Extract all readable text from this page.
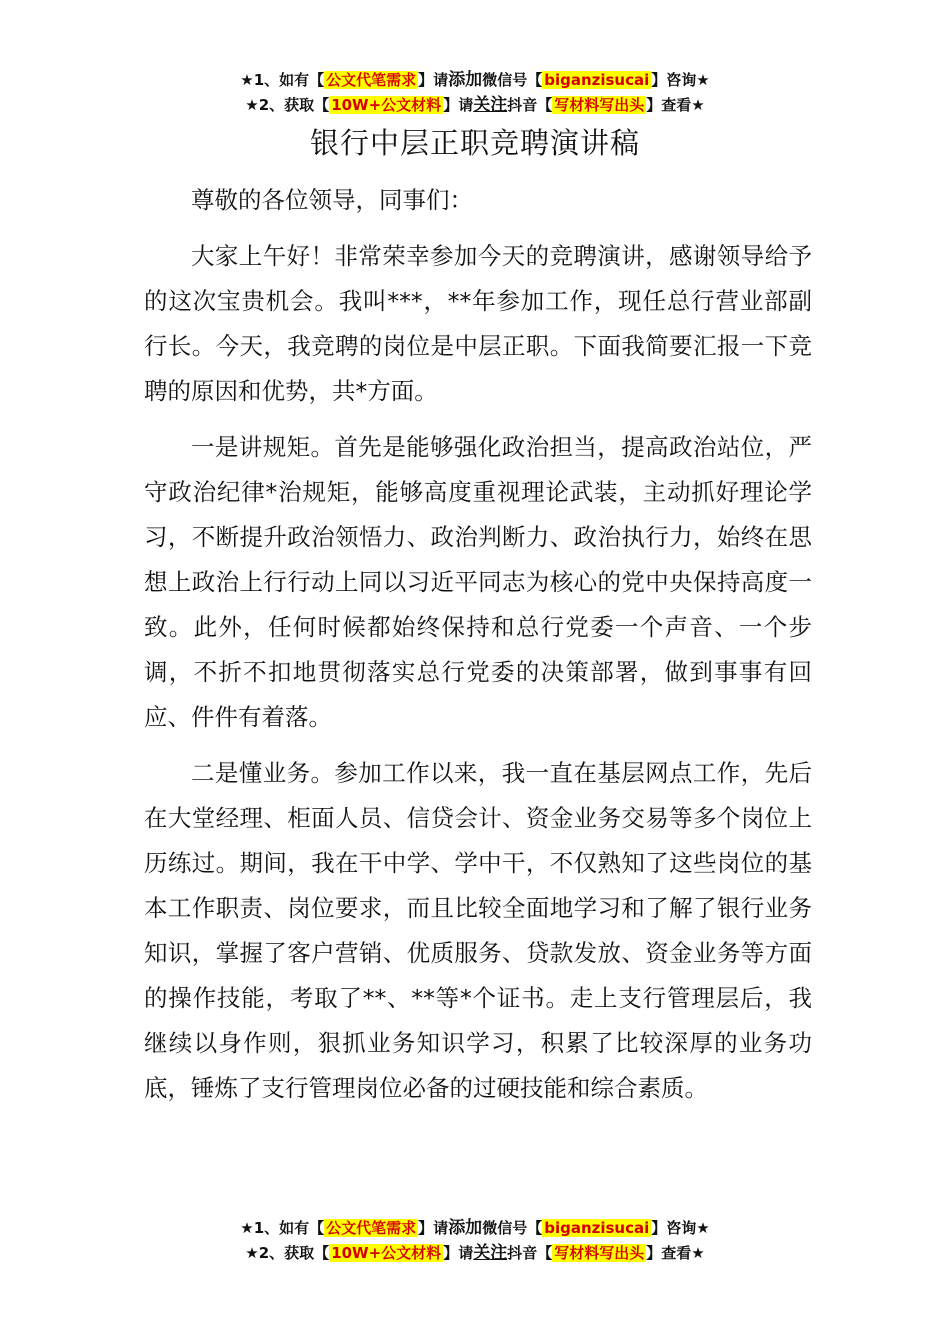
★1、如有【 公文代笔需求 】请添加微信号【 biganzisucai 】咨询★
★2、获取【 10W+公文材料 】请关注抖音【 写材料写出头 】查看★
银行中层正职竞聘演讲稿

尊敬的各位领导，同事们：

大家上午好！非常荣幸参加今天的竞聘演讲，感谢领导给予的这次宝贵机会。我叫***，**年参加工作，现任总行营业部副行长。今天，我竞聘的岗位是中层正职。下面我简要汇报一下竞聘的原因和优势，共*方面。

一是讲规矩。首先是能够强化政治担当，提高政治站位，严守政治纪律*治规矩，能够高度重视理论武装，主动抓好理论学习，不断提升政治领悟力、政治判断力、政治执行力，始终在思想上政治上行行动上同以习近平同志为核心的党中央保持高度一致。此外，任何时候都始终保持和总行党委一个声音、一个步调，不折不扣地贯彻落实总行党委的决策部署，做到事事有回应、件件有着落。

二是懂业务。参加工作以来，我一直在基层网点工作，先后在大堂经理、柜面人员、信贷会计、资金业务交易等多个岗位上历练过。期间，我在干中学、学中干，不仅熟知了这些岗位的基本工作职责、岗位要求，而且比较全面地学习和了解了银行业务知识，掌握了客户营销、优质服务、贷款发放、资金业务等方面的操作技能，考取了**、**等*个证书。走上支行管理层后，我继续以身作则，狠抓业务知识学习，积累了比较深厚的业务功底，锤炼了支行管理岗位必备的过硬技能和综合素质。

★1、如有【 公文代笔需求 】请添加微信号【 biganzisucai 】咨询★
★2、获取【 10W+公文材料 】请关注抖音【 写材料写出头 】查看★
